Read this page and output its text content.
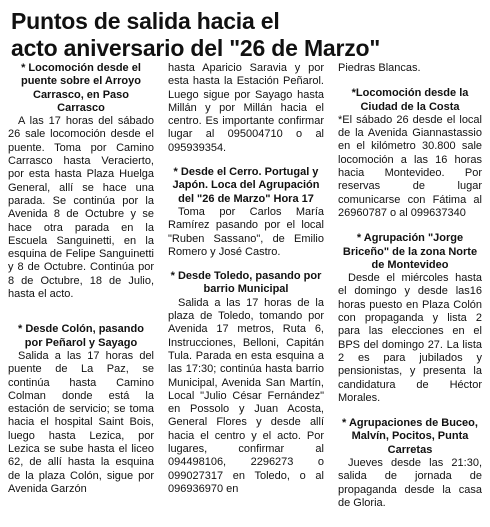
Puntos de salida hacia el
acto aniversario del "26 de Marzo"
* Locomoción desde el puente sobre el Arroyo Carrasco, en Paso Carrasco
A las 17 horas del sábado 26 sale locomoción desde el puente. Toma por Camino Carrasco hasta Veracierto, por esta hasta Plaza Huelga General, allí se hace una parada. Se continúa por la Avenida 8 de Octubre y se hace otra parada en la Escuela Sanguinetti, en la esquina de Felipe Sanguinetti y 8 de Octubre. Continúa por 8 de Octubre, 18 de Julio, hasta el acto.
* Desde Colón, pasando por Peñarol y Sayago
Salida a las 17 horas del puente de La Paz, se continúa hasta Camino Colman donde está la estación de servicio; se toma hacia el hospital Saint Bois, luego hasta Lezica, por Lezica se sube hasta el liceo 62, de allí hasta la esquina de la plaza Colón, sigue por Avenida Garzón
hasta Aparicio Saravia y por esta hasta la Estación Peñarol. Luego sigue por Sayago hasta Millán y por Millán hacia el centro. Es importante confirmar lugar al 095004710 o al 095939354.
* Desde el Cerro. Portugal y Japón. Loca del Agrupación del "26 de Marzo" Hora 17
Toma por Carlos María Ramírez pasando por el local "Ruben Sassano", de Emilio Romero y José Castro.
* Desde Toledo, pasando por barrio Municipal
Salida a las 17 horas de la plaza de Toledo, tomando por Avenida 17 metros, Ruta 6, Instrucciones, Belloni, Capitán Tula. Parada en esta esquina a las 17:30; continúa hasta barrio Municipal, Avenida San Martín, Local "Julio César Fernández" en Possolo y Juan Acosta, General Flores y desde allí hacia el centro y el acto. Por lugares, confirmar al 094498106, 2296273 o 099027317 en Toledo, o al 096936970 en
Piedras Blancas.
*Locomoción desde la Ciudad de la Costa
*El sábado 26 desde el local de la Avenida Giannastassio en el kilómetro 30.800 sale locomoción a las 16 horas hacia Montevideo. Por reservas de lugar comunicarse con Fátima al 26960787 o al 099637340
* Agrupación "Jorge Briceño" de la zona Norte de Montevideo
Desde el miércoles hasta el domingo y desde las16 horas puesto en Plaza Colón con propaganda y lista 2 para las elecciones en el BPS del domingo 27. La lista 2 es para jubilados y pensionistas, y presenta la candidatura de Héctor Morales.
* Agrupaciones de Buceo, Malvín, Pocitos, Punta Carretas
Jueves desde las 21:30, salida de jornada de propaganda desde la casa de Gloria.
